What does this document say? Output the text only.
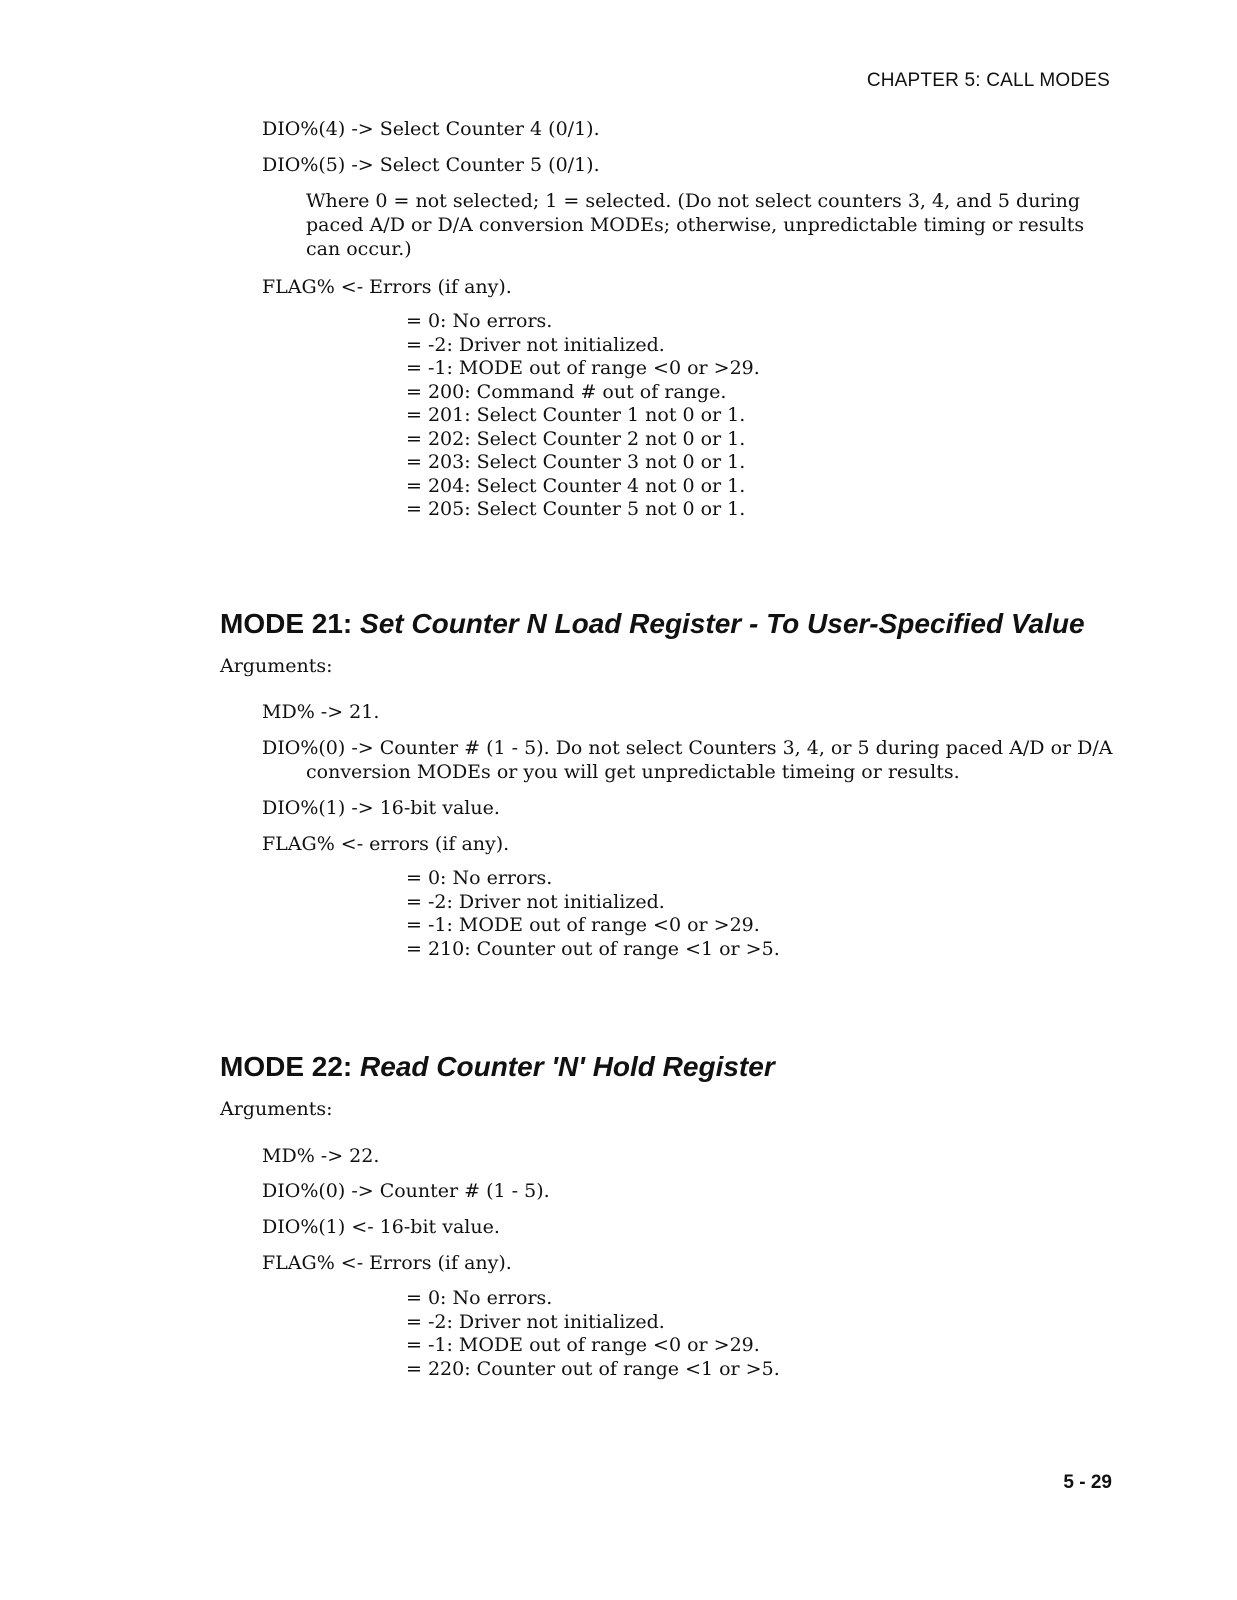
CHAPTER 5: CALL MODES
DIO%(4) -> Select Counter 4 (0/1).
DIO%(5) -> Select Counter 5 (0/1).
Where 0 = not selected; 1 = selected. (Do not select counters 3, 4, and 5 during paced A/D or D/A conversion MODEs; otherwise, unpredictable timing or results can occur.)
FLAG% <- Errors (if any).
= 0: No errors.
= -2: Driver not initialized.
= -1: MODE out of range <0 or >29.
= 200: Command # out of range.
= 201: Select Counter 1 not 0 or 1.
= 202: Select Counter 2 not 0 or 1.
= 203: Select Counter 3 not 0 or 1.
= 204: Select Counter 4 not 0 or 1.
= 205: Select Counter 5 not 0 or 1.
MODE 21: Set Counter N Load Register - To User-Specified Value
Arguments:
MD% -> 21.
DIO%(0) -> Counter # (1 - 5). Do not select Counters 3, 4, or 5 during paced A/D or D/A conversion MODEs or you will get unpredictable timeing or results.
DIO%(1) -> 16-bit value.
FLAG% <- errors (if any).
= 0: No errors.
= -2: Driver not initialized.
= -1: MODE out of range <0 or >29.
= 210: Counter out of range <1 or >5.
MODE 22: Read Counter 'N' Hold Register
Arguments:
MD% -> 22.
DIO%(0) -> Counter # (1 - 5).
DIO%(1) <- 16-bit value.
FLAG% <- Errors (if any).
= 0: No errors.
= -2: Driver not initialized.
= -1: MODE out of range <0 or >29.
= 220: Counter out of range <1 or >5.
5 - 29
